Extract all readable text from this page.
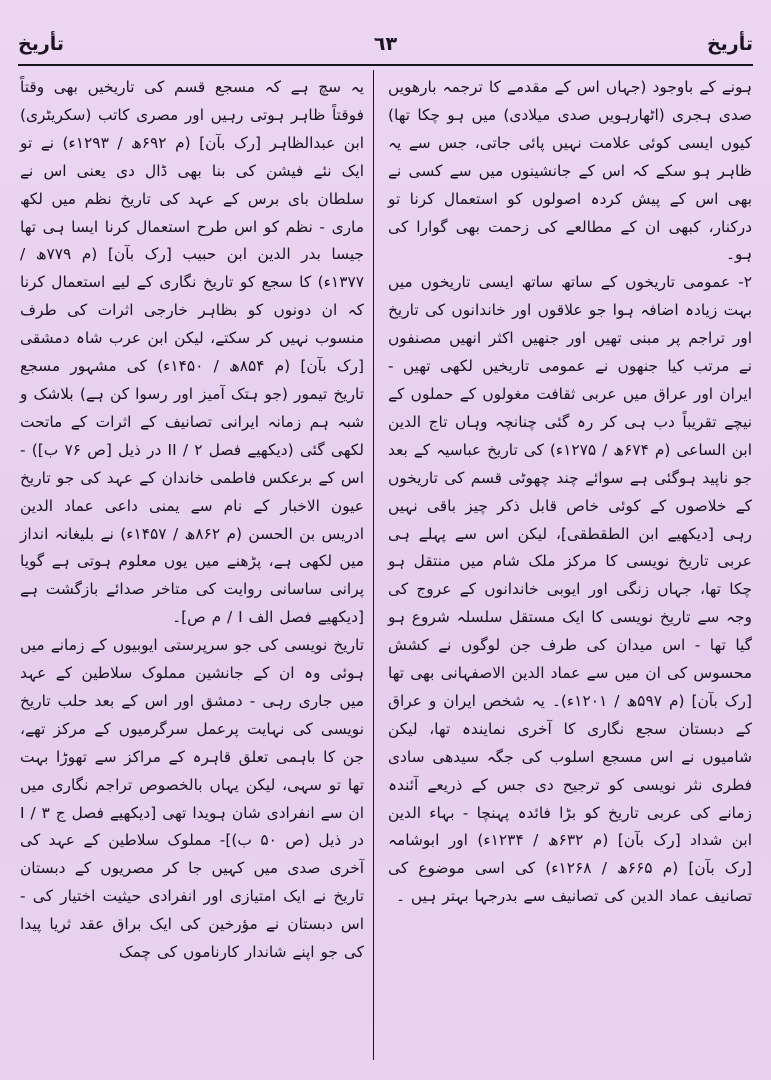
تأریخ
٦٣
تأریخ

ہونے کے باوجود (جہاں اس کے مقدمے کا ترجمہ بارھویں صدی ہجری (اٹھارہویں صدی میلادی) میں ہو چکا تھا) کیوں ایسی کوئی علامت نہیں پائی جاتی، جس سے یہ ظاہر ہو سکے کہ اس کے جانشینوں میں سے کسی نے بھی اس کے پیش کردہ اصولوں کو استعمال کرنا تو درکنار، کبھی ان کے مطالعے کی زحمت بھی گوارا کی ہو۔

۲- عمومی تاریخوں کے ساتھ ساتھ ایسی تاریخوں میں بہت زیادہ اضافہ ہوا جو علاقوں اور خاندانوں کی تاریخ اور تراجم پر مبنی تھیں اور جنھیں اکثر انھیں مصنفوں نے مرتب کیا جنھوں نے عمومی تاریخیں لکھی تھیں - ایران اور عراق میں عربی ثقافت مغولوں کے حملوں کے نیچے تقریباً دب ہی کر رہ گئی چنانچہ وہاں تاج الدین ابن الساعی (م ۶۷۴ھ / ۱۲۷۵ء) کی تاریخ عباسیہ کے بعد جو ناپید ہوگئی ہے سوائے چند چھوٹی قسم کی تاریخوں کے خلاصوں کے کوئی خاص قابل ذکر چیز باقی نہیں رہی [دیکھیے ابن الطقطقی]، لیکن اس سے پہلے ہی عربی تاریخ نویسی کا مرکز ملک شام میں منتقل ہو چکا تھا، جہاں زنگی اور ایوبی خاندانوں کے عروج کی وجہ سے تاریخ نویسی کا ایک مستقل سلسلہ شروع ہو گیا تھا - اس میدان کی طرف جن لوگوں نے کشش محسوس کی ان میں سے عماد الدین الاصفہانی بھی تھا [رک بآن] (م ۵۹۷ھ / ۱۲۰۱ء)۔ یہ شخص ایران و عراق کے دبستان سجع نگاری کا آخری نمایندہ تھا، لیکن شامیوں نے اس مسجع اسلوب کی جگہ سیدھی سادی فطری نثر نویسی کو ترجیح دی جس کے ذریعے آئندہ زمانے کی عربی تاریخ کو بڑا فائدہ پہنچا - بہاء الدین ابن شداد [رک بآن] (م ۶۳۲ھ / ۱۲۳۴ء) اور ابوشامہ [رک بآن] (م ۶۶۵ھ / ۱۲۶۸ء) کی اسی موضوع کی تصانیف عماد الدین کی تصانیف سے بدرجہا بہتر ہیں ۔

یہ سچ ہے کہ مسجع قسم کی تاریخیں بھی وقتاً فوقتاً ظاہر ہوتی رہیں اور مصری کاتب (سکریٹری) ابن عبدالظاہر [رک بآن] (م ۶۹۲ھ / ۱۲۹۳ء) نے تو ایک نئے فیشن کی بنا بھی ڈال دی یعنی اس نے سلطان بای برس کے عہد کی تاریخ نظم میں لکھ ماری - نظم کو اس طرح استعمال کرنا ایسا ہی تھا جیسا بدر الدین ابن حبیب [رک بآن] (م ۷۷۹ھ / ۱۳۷۷ء) کا سجع کو تاریخ نگاری کے لیے استعمال کرنا کہ ان دونوں کو بظاہر خارجی اثرات کی طرف منسوب نہیں کر سکتے، لیکن ابن عرب شاہ دمشقی [رک بآن] (م ۸۵۴ھ / ۱۴۵۰ء) کی مشہور مسجع تاریخ تیمور (جو ہتک آمیز اور رسوا کن ہے) بلاشک و شبہ ہم زمانہ ایرانی تصانیف کے اثرات کے ماتحت لکھی گئی (دیکھیے فصل II / ۲ در ذیل [ص ۷۶ ب]) - اس کے برعکس فاطمی خاندان کے عہد کی جو تاریخ عیون الاخبار کے نام سے یمنی داعی عماد الدین ادریس بن الحسن (م ۸۶۲ھ / ۱۴۵۷ء) نے بلیغانہ انداز میں لکھی ہے، پڑھنے میں یوں معلوم ہوتی ہے گویا پرانی ساسانی روایت کی متاخر صدائے بازگشت ہے [دیکھیے فصل الف I / م ص]۔

تاریخ نویسی کی جو سرپرستی ایوبیوں کے زمانے میں ہوئی وہ ان کے جانشین مملوک سلاطین کے عہد میں جاری رہی - دمشق اور اس کے بعد حلب تاریخ نویسی کی نہایت پرعمل سرگرمیوں کے مرکز تھے، جن کا باہمی تعلق قاہرہ کے مراکز سے تھوڑا بہت تھا تو سہی، لیکن یہاں بالخصوص تراجم نگاری میں ان سے انفرادی شان ہویدا تھی [دیکھیے فصل ج I / ۳ در ذیل (ص ۵۰ ب)]- مملوک سلاطین کے عہد کی آخری صدی میں کہیں جا کر مصریوں کے دبستان تاریخ نے ایک امتیازی اور انفرادی حیثیت اختیار کی - اس دبستان نے مؤرخین کی ایک براق عقد ثریا پیدا کی جو اپنے شاندار کارناموں کی چمک
